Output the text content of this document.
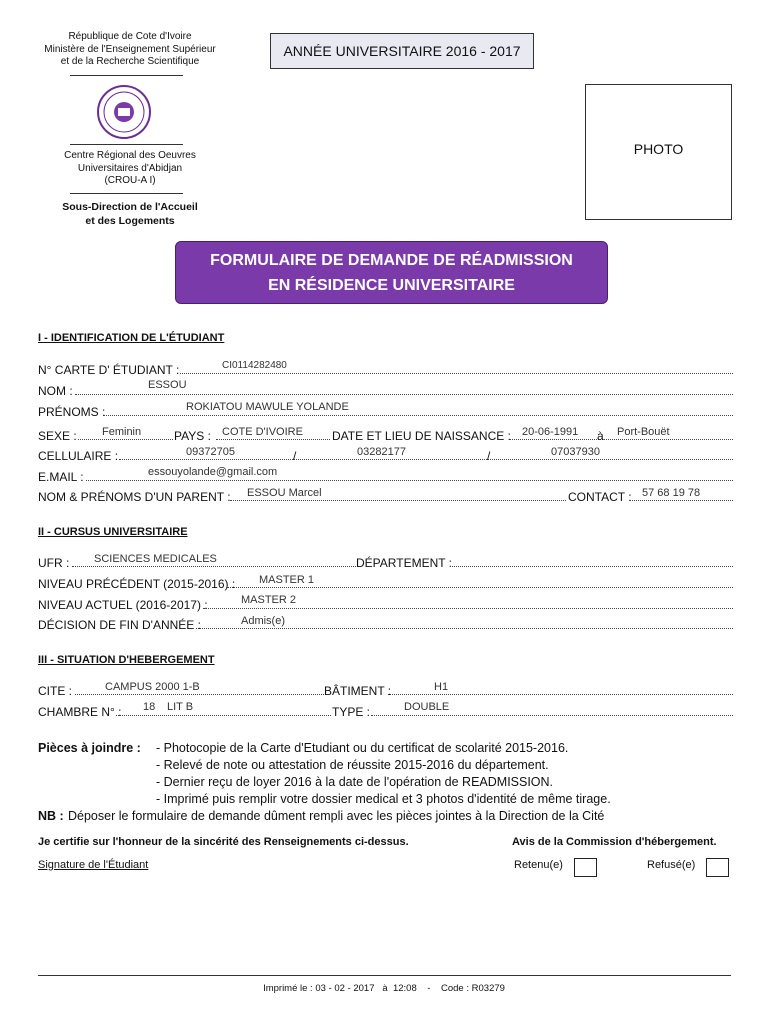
République de Cote d'Ivoire
Ministère de l'Enseignement Supérieur
et de la Recherche Scientifique
Centre Régional des Oeuvres
Universitaires d'Abidjan
(CROU-A I)
Sous-Direction de l'Accueil
et des Logements
ANNÉE UNIVERSITAIRE 2016 - 2017
PHOTO
FORMULAIRE DE DEMANDE DE RÉADMISSION
EN RÉSIDENCE UNIVERSITAIRE
I - IDENTIFICATION DE L'ÉTUDIANT
N° CARTE D' ÉTUDIANT :	CI0114282480
NOM :	ESSOU
PRÉNOMS :	ROKIATOU MAWULE YOLANDE
SEXE : Feminin	PAYS : COTE D'IVOIRE DATE ET LIEU DE NAISSANCE : 20-06-1991 à Port-Bouët
CELLULAIRE :	09372705	/	03282177	/	07037930
E.MAIL :	essouyolande@gmail.com
NOM & PRÉNOMS D'UN PARENT : ESSOU Marcel	CONTACT : 57 68 19 78
II - CURSUS UNIVERSITAIRE
UFR : SCIENCES MEDICALES	DÉPARTEMENT :
NIVEAU PRÉCÉDENT (2015-2016) : MASTER 1
NIVEAU ACTUEL (2016-2017) :	MASTER 2
DÉCISION DE FIN D'ANNÉE :	Admis(e)
III - SITUATION D'HEBERGEMENT
CITE :	CAMPUS 2000 1-B	BÂTIMENT :	H1
CHAMBRE N° : 18 LIT B	TYPE :	DOUBLE
Pièces à joindre : - Photocopie de la Carte d'Etudiant ou du certificat de scolarité 2015-2016.
- Relevé de note ou attestation de réussite 2015-2016 du département.
- Dernier reçu de loyer 2016 à la date de l'opération de READMISSION.
- Imprimé puis remplir votre dossier medical et 3 photos d'identité de même tirage.
NB : Déposer le formulaire de demande dûment rempli avec les pièces jointes à la Direction de la Cité
Je certifie sur l'honneur de la sincérité des Renseignements ci-dessus.	Avis de la Commission d'hébergement.
Signature de l'Étudiant	Retenu(e)	Refusé(e)
Imprimé le : 03 - 02 - 2017   à  12:08    -    Code : R03279
